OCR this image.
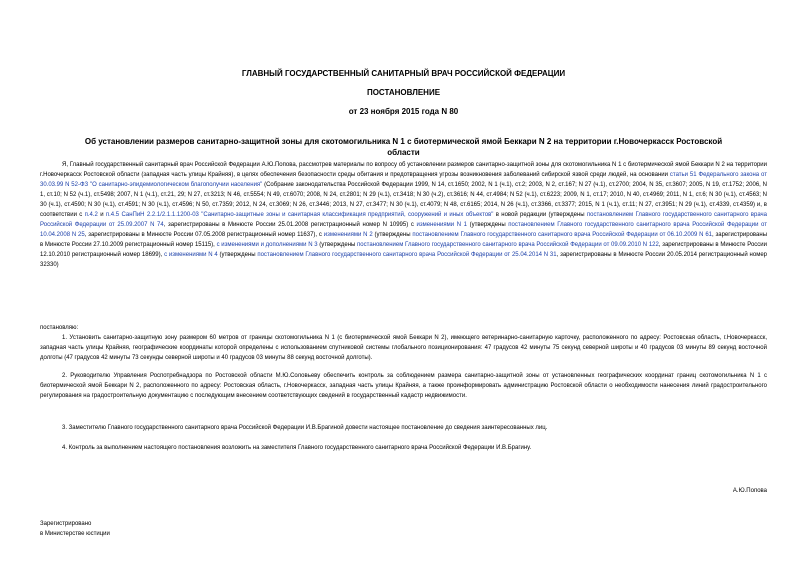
ГЛАВНЫЙ ГОСУДАРСТВЕННЫЙ САНИТАРНЫЙ ВРАЧ РОССИЙСКОЙ ФЕДЕРАЦИИ
ПОСТАНОВЛЕНИЕ
от 23 ноября 2015 года N 80
Об установлении размеров санитарно-защитной зоны для скотомогильника N 1 с биотермической ямой Беккари N 2 на территории г.Новочеркасск Ростовской области
Я, Главный государственный санитарный врач Российской Федерации А.Ю.Попова, рассмотрев материалы по вопросу об установлении размеров санитарно-защитной зоны для скотомогильника N 1 с биотермической ямой Беккари N 2 на территории г.Новочеркасск Ростовской области (западная часть улицы Крайняя), в целях обеспечения безопасности среды обитания и предотвращения угрозы возникновения заболеваний сибирской язвой среди людей, на основании статьи 51 Федерального закона от 30.03.99 N 52-ФЗ "О санитарно-эпидемиологическом благополучии населения" (Собрание законодательства Российской Федерации 1999, N 14, ст.1650; 2002, N 1 (ч.1), ст.2; 2003, N 2, ст.167; N 27 (ч.1), ст.2700; 2004, N 35, ст.3607; 2005, N 19, ст.1752; 2006, N 1, ст.10; N 52 (ч.1), ст.5498; 2007, N 1 (ч.1), ст.21, 29; N 27, ст.3213; N 46, ст.5554; N 49, ст.6070; 2008, N 24, ст.2801; N 29 (ч.1), ст.3418; N 30 (ч.2), ст.3616; N 44, ст.4984; N 52 (ч.1), ст.6223; 2009, N 1, ст.17; 2010, N 40, ст.4969; 2011, N 1, ст.6; N 30 (ч.1), ст.4563; N 30 (ч.1), ст.4590; N 30 (ч.1), ст.4591; N 30 (ч.1), ст.4596; N 50, ст.7359; 2012, N 24, ст.3069; N 26, ст.3446; 2013, N 27, ст.3477; N 30 (ч.1), ст.4079; N 48, ст.6165; 2014, N 26 (ч.1), ст.3366, ст.3377; 2015, N 1 (ч.1), ст.11; N 27, ст.3951; N 29 (ч.1), ст.4339, ст.4359) и, в соответствии с п.4.2 и п.4.5 СанПиН 2.2.1/2.1.1.1200-03 "Санитарно-защитные зоны и санитарная классификация предприятий, сооружений и иных объектов" в новой редакции (утверждены постановлением Главного государственного санитарного врача Российской Федерации от 25.09.2007 N 74, зарегистрированы в Минюсте России 25.01.2008 регистрационный номер N 10995) с изменениями N 1 (утверждены постановлением Главного государственного санитарного врача Российской Федерации от 10.04.2008 N 25, зарегистрированы в Минюсте России 07.05.2008 регистрационный номер 11637), с изменениями N 2 (утверждены постановлением Главного государственного санитарного врача Российской Федерации от 06.10.2009 N 61, зарегистрированы в Минюсте России 27.10.2009 регистрационный номер 15115), с изменениями и дополнениями N 3 (утверждены постановлением Главного государственного санитарного врача Российской Федерации от 09.09.2010 N 122, зарегистрированы в Минюсте России 12.10.2010 регистрационный номер 18699), с изменениями N 4 (утверждены постановлением Главного государственного санитарного врача Российской Федерации от 25.04.2014 N 31, зарегистрированы в Минюсте России 20.05.2014 регистрационный номер 32330)
постановляю:
1. Установить санитарно-защитную зону размером 60 метров от границы скотомогильника N 1 (с биотермической ямой Беккари N 2), имеющего ветеринарно-санитарную карточку, расположенного по адресу: Ростовская область, г.Новочеркасск, западная часть улицы Крайняя, географические координаты которой определены с использованием спутниковой системы глобального позиционирования: 47 градусов 42 минуты 75 секунд северной широты и 40 градусов 03 минуты 89 секунд восточной долготы (47 градусов 42 минуты 73 секунды северной широты и 40 градусов 03 минуты 88 секунд восточной долготы).
2. Руководителю Управления Роспотребнадзора по Ростовской области М.Ю.Соловьеву обеспечить контроль за соблюдением размера санитарно-защитной зоны от установленных географических координат границ скотомогильника N 1 с биотермической ямой Беккари N 2, расположенного по адресу: Ростовская область, г.Новочеркасск, западная часть улицы Крайняя, а также проинформировать администрацию Ростовской области о необходимости нанесения линий градостроительного регулирования на градостроительную документацию с последующим внесением соответствующих сведений в государственный кадастр недвижимости.
3. Заместителю Главного государственного санитарного врача Российской Федерации И.В.Брагиной довести настоящее постановление до сведения заинтересованных лиц.
4. Контроль за выполнением настоящего постановления возложить на заместителя Главного государственного санитарного врача Российской Федерации И.В.Брагину.
А.Ю.Попова
Зарегистрировано
в Министерстве юстиции
